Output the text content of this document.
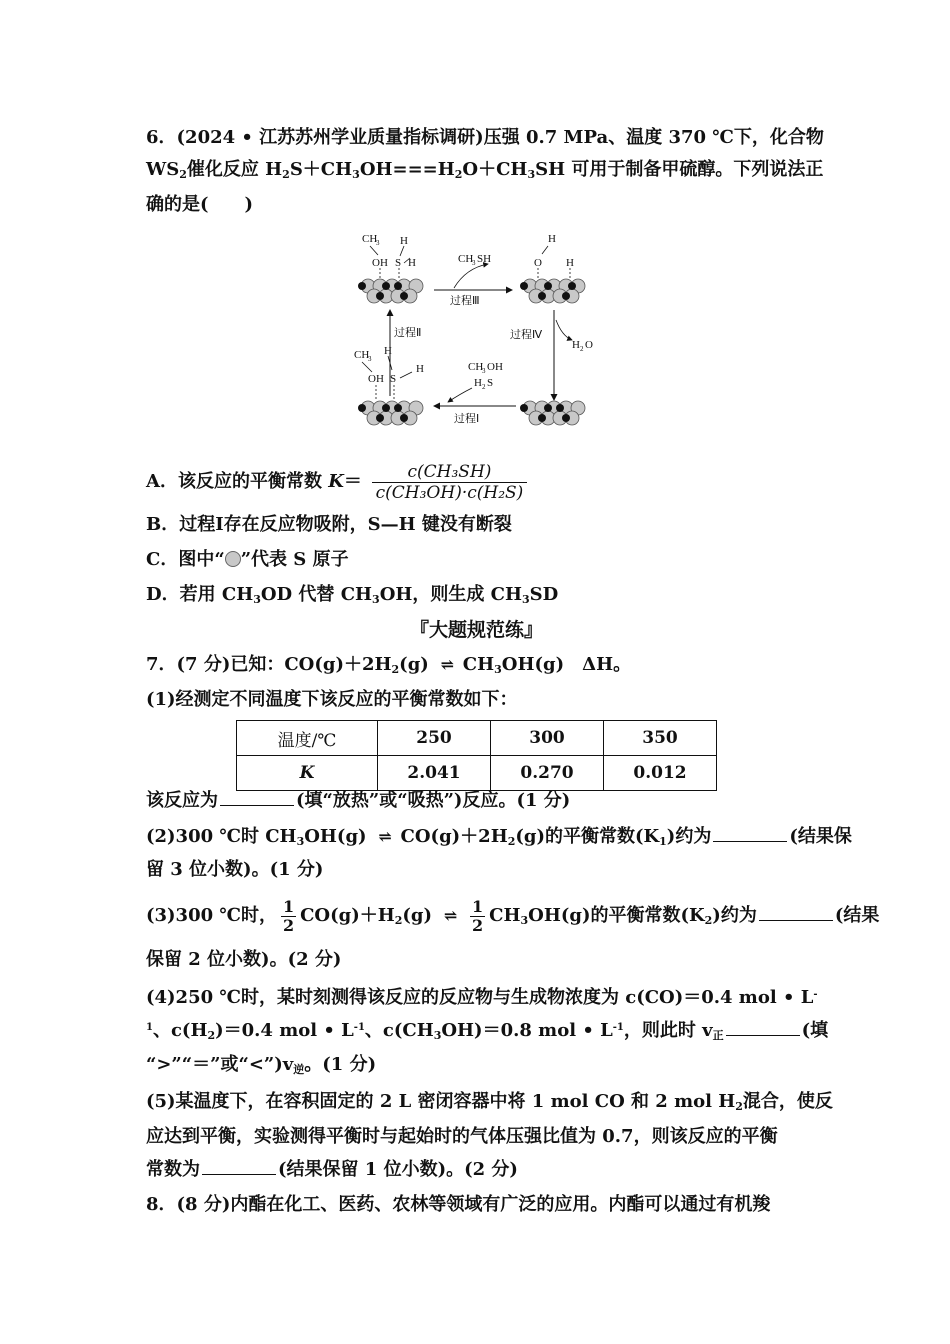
6．(2024 • 江苏苏州学业质量指标调研)压强 0.7 MPa、温度 370 ℃下，化合物
$WS_2$催化反应 $H_2S+CH_3OH===H_2O+CH_3SH$ 可用于制备甲硫醇。下列说法正
确的是(　　)
CH
3
OH
H
S H	CH
3 SH
过程Ⅲ
H
O H
过程Ⅱ	过程Ⅳ
H 2 O
CH
3
OH
H
S
H	CH
3 OH
H 2 S
过程Ⅰ
A．该反应的平衡常数 $K= \frac{\text{c(CH₃SH)}}{\text{c(CH₃OH)·c(H₂S)}}$
B．过程Ⅰ存在反应物吸附，S—H 键没有断裂
C．图中“ ”代表 S 原子
D．若用 $CH_3OD$ 代替 $CH_3OH$，则生成 $CH_3SD$
『大题规范练』
7．(7 分)已知：$CO(g)+2H_2(g)$ ⇌ $CH_3OH(g)$　ΔH。
(1)经测定不同温度下该反应的平衡常数如下：
温度/℃	250	300	350
K	2.041	0.270	0.012
该反应为	(填“放热”或“吸热”)反应。(1 分)
(2)300 ℃时 $CH_3OH(g)$ ⇌ $CO(g)+2H_2(g)$的平衡常数$(K_1)$约为	(结果保
留 3 位小数)。(1 分)
(3)300 ℃时， $\frac{1}{2} CO(g)+H_2(g)$ ⇌ $\frac{1}{2} CH_3OH(g)$的平衡常数$(K_2)$约为	(结果
保留 2 位小数)。(2 分)
(4)250 ℃时，某时刻测得该反应的反应物与生成物浓度为 c(CO)＝0.4 mol • L-
$^1$、$c(H_2)=0.4$ mol • $L^{-1}$、$c(CH_3OH)=0.8$ mol • $L^{-1}$，则此时 $v_正$	(填
“>”“＝”或“$<”)v_逆$。(1 分)
(5)某温度下，在容积固定的 2 L 密闭容器中将 1 mol CO 和 2 mol $H_2$混合，使反
应达到平衡，实验测得平衡时与起始时的气体压强比值为 0.7，则该反应的平衡
常数为	(结果保留 1 位小数)。(2 分)
8．(8 分)内酯在化工、医药、农林等领域有广泛的应用。内酯可以通过有机羧
